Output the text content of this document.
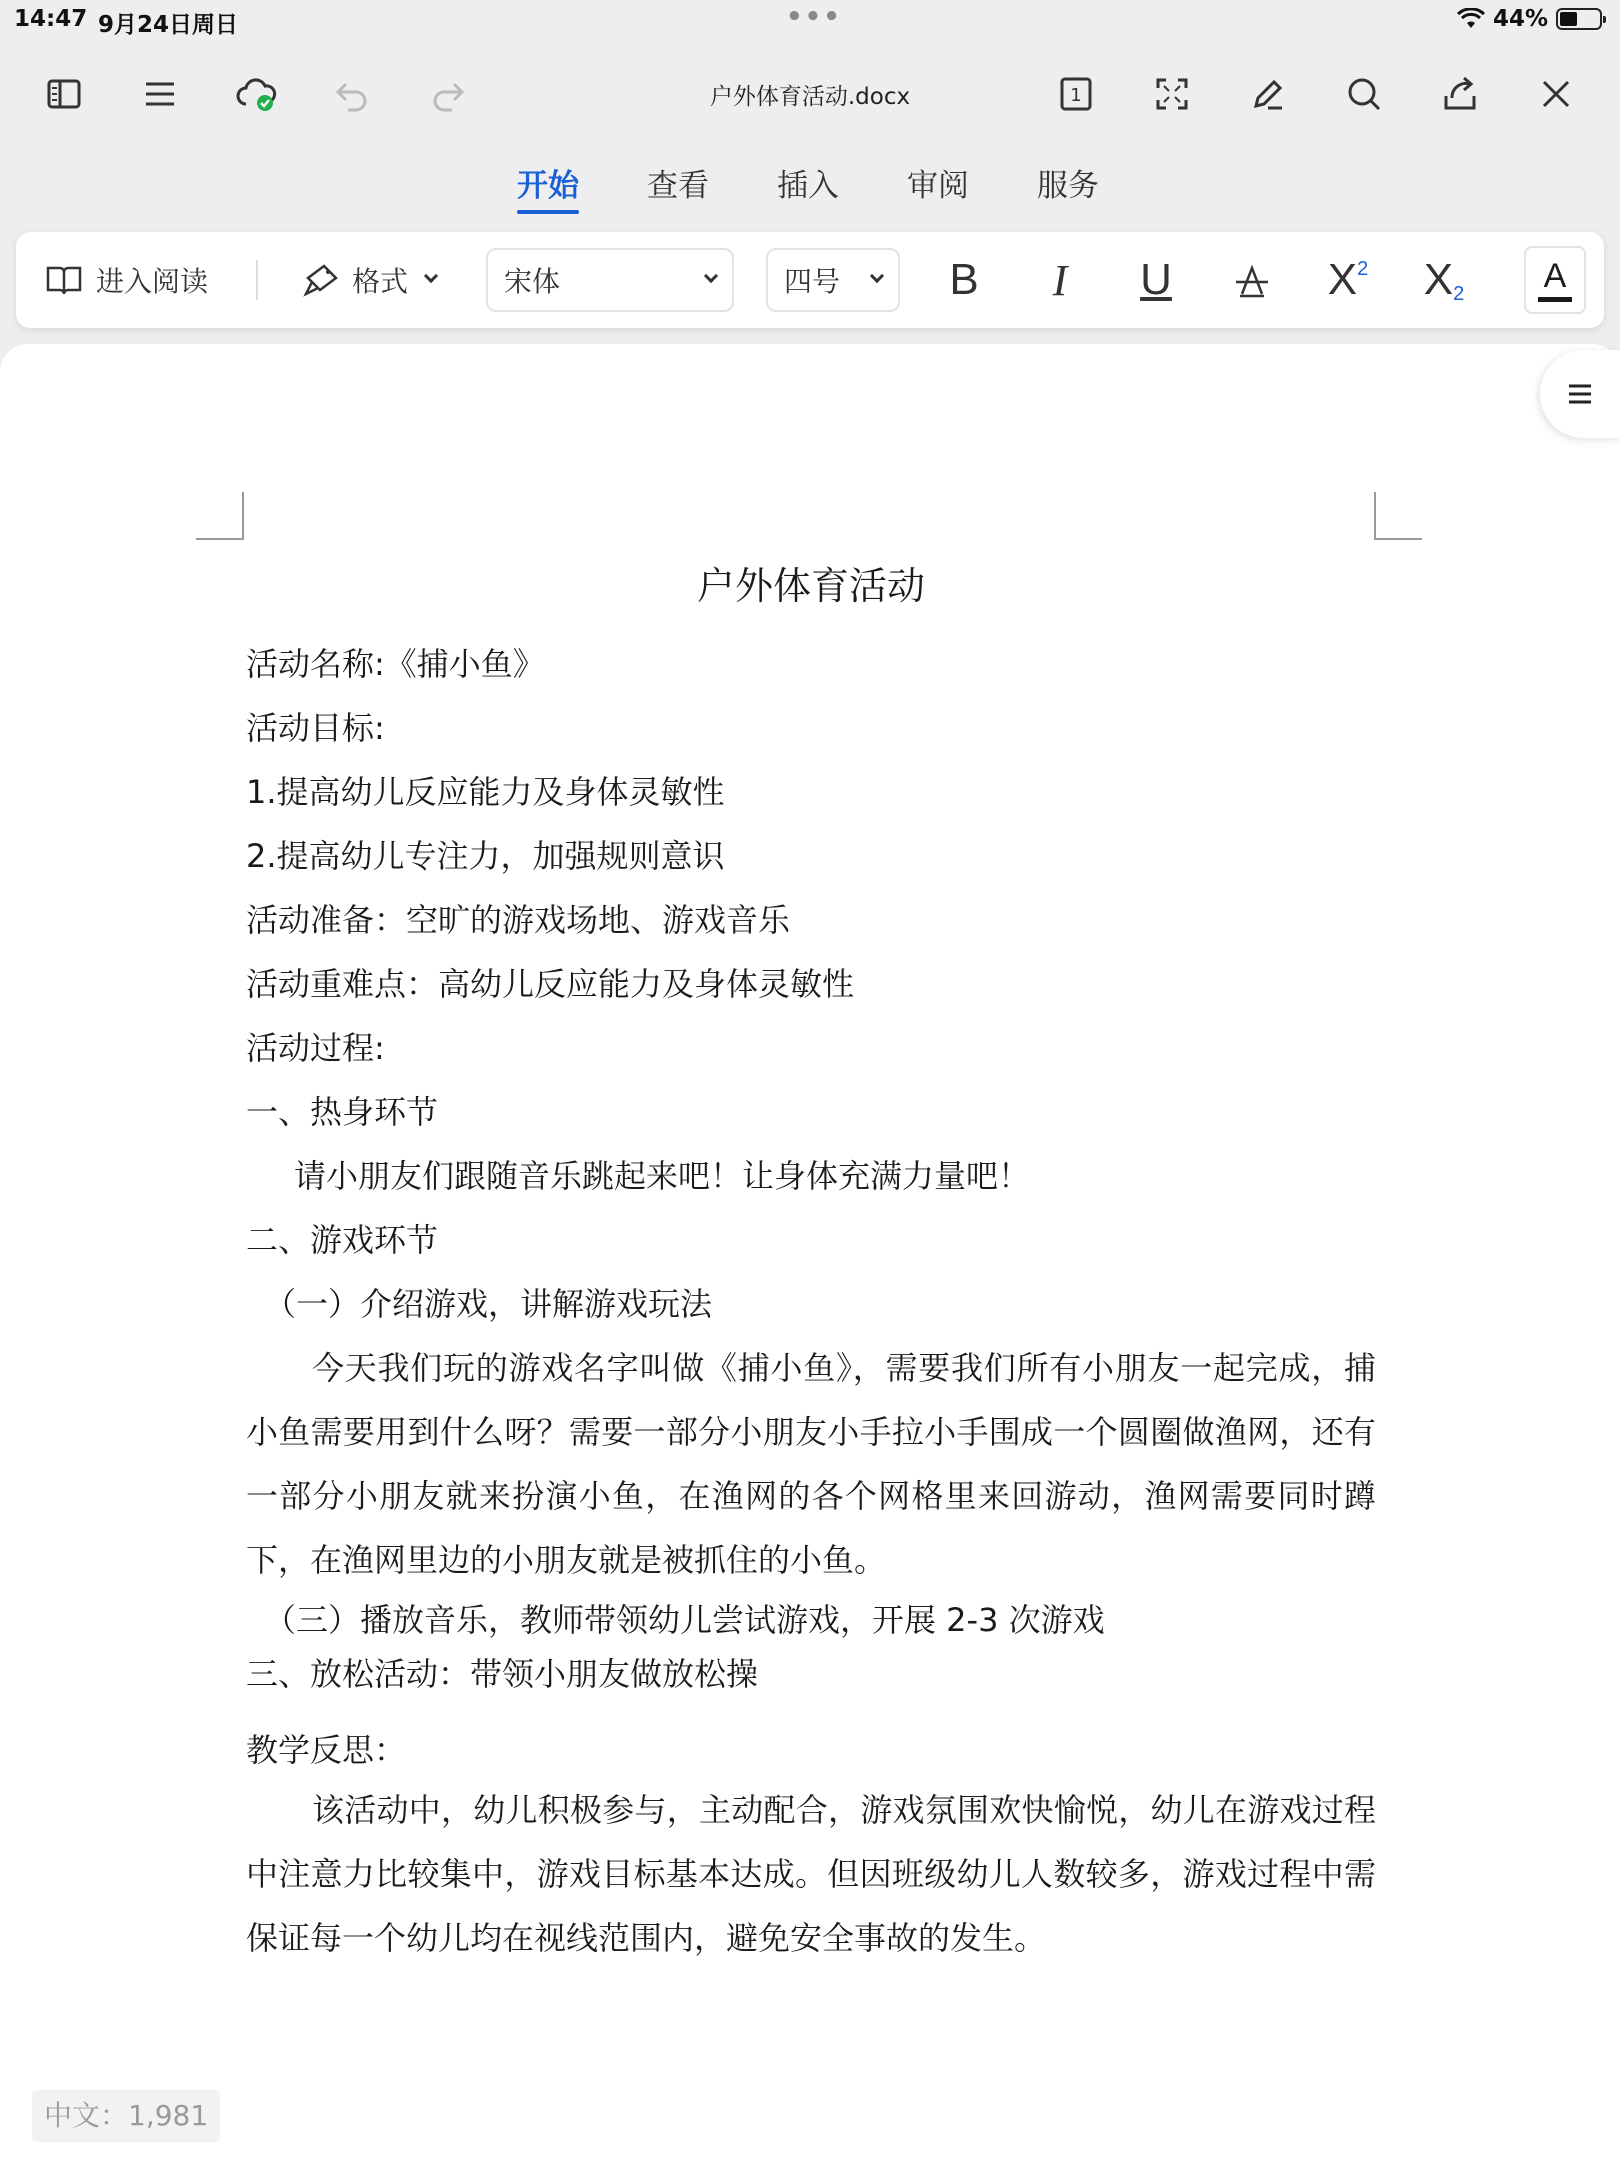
14:47 9月24日周日	•••	44%
户外体育活动.docx	1
开始 查看 插入 审阅 服务
进入阅读	格式	宋体	四号	B	I	U	X 2 X 2 A
户外体育活动
活动名称:《捕小鱼》
活动目标:
1.提高幼儿反应能力及身体灵敏性
2.提高幼儿专注力，加强规则意识
活动准备：空旷的游戏场地、游戏音乐
活动重难点：高幼儿反应能力及身体灵敏性
活动过程:
一、热身环节
请小朋友们跟随音乐跳起来吧！让身体充满力量吧！
二、游戏环节
（一）介绍游戏，讲解游戏玩法
今天我们玩的游戏名字叫做《捕小鱼》，需要我们所有小朋友一起完成，捕小鱼需要用到什么呀？需要一部分小朋友小手拉小手围成一个圆圈做渔网，还有一部分小朋友就来扮演小鱼，在渔网的各个网格里来回游动，渔网需要同时蹲下，在渔网里边的小朋友就是被抓住的小鱼。
（三）播放音乐，教师带领幼儿尝试游戏，开展 2-3 次游戏
三、放松活动：带领小朋友做放松操
教学反思：
该活动中，幼儿积极参与，主动配合，游戏氛围欢快愉悦，幼儿在游戏过程中注意力比较集中，游戏目标基本达成。但因班级幼儿人数较多，游戏过程中需保证每一个幼儿均在视线范围内，避免安全事故的发生。
中文：1,981
